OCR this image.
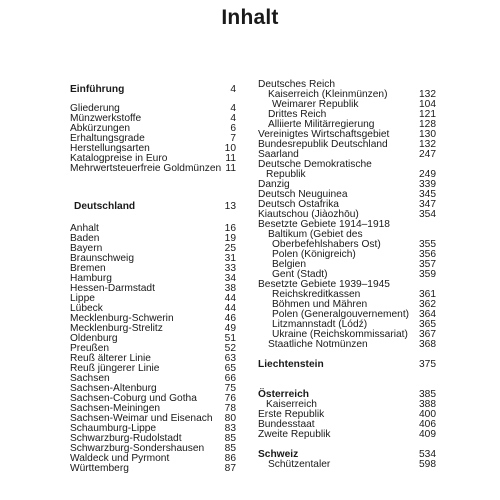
Inhalt
Einführung	4
Gliederung	4
Münzwerkstoffe	4
Abkürzungen	6
Erhaltungsgrade	7
Herstellungsarten	10
Katalogpreise in Euro	11
Mehrwertsteuerfreie Goldmünzen 11
Deutschland	13
Anhalt	16
Baden	19
Bayern	25
Braunschweig	31
Bremen	33
Hamburg	34
Hessen-Darmstadt	38
Lippe	44
Lübeck	44
Mecklenburg-Schwerin	46
Mecklenburg-Strelitz	49
Oldenburg	51
Preußen	52
Reuß älterer Linie	63
Reuß jüngerer Linie	65
Sachsen	66
Sachsen-Altenburg	75
Sachsen-Coburg und Gotha	76
Sachsen-Meiningen	78
Sachsen-Weimar und Eisenach	80
Schaumburg-Lippe	83
Schwarzburg-Rudolstadt	85
Schwarzburg-Sondershausen	85
Waldeck und Pyrmont	86
Württemberg	87
Deutsches Reich
Kaiserreich (Kleinmünzen)	132
Weimarer Republik	104
Drittes Reich	121
Alliierte Militärregierung	128
Vereinigtes Wirtschaftsgebiet	130
Bundesrepublik Deutschland	132
Saarland	247
Deutsche Demokratische
Republik	249
Danzig	339
Deutsch Neuguinea	345
Deutsch Ostafrika	347
Kiautschou (Jiàozhōu)	354
Besetzte Gebiete 1914–1918
Baltikum (Gebiet des
Oberbefehlshabers Ost)	355
Polen (Königreich)	356
Belgien	357
Gent (Stadt)	359
Besetzte Gebiete 1939–1945
Reichskreditkassen	361
Böhmen und Mähren	362
Polen (Generalgouvernement) 364
Litzmannstadt (Lódź)	365
Ukraine (Reichskommissariat)	367
Staatliche Notmünzen	368
Liechtenstein	375
Österreich	385
Kaiserreich	388
Erste Republik	400
Bundesstaat	406
Zweite Republik	409
Schweiz	534
Schützentaler	598
